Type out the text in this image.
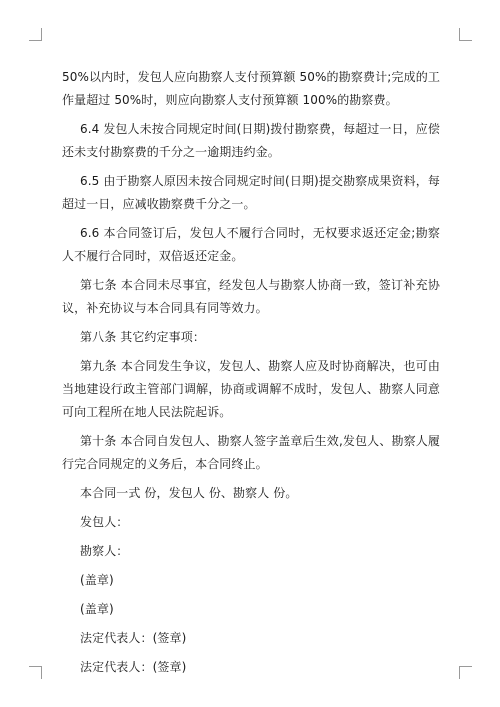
50%以内时，发包人应向勘察人支付预算额 50%的勘察费计;完成的工作量超过 50%时，则应向勘察人支付预算额 100%的勘察费。

6.4 发包人未按合同规定时间(日期)拨付勘察费，每超过一日，应偿还未支付勘察费的千分之一逾期违约金。

6.5 由于勘察人原因未按合同规定时间(日期)提交勘察成果资料，每超过一日，应减收勘察费千分之一。

6.6 本合同签订后，发包人不履行合同时，无权要求返还定金;勘察人不履行合同时，双倍返还定金。

第七条 本合同未尽事宜，经发包人与勘察人协商一致，签订补充协议，补充协议与本合同具有同等效力。

第八条 其它约定事项：

第九条 本合同发生争议，发包人、勘察人应及时协商解决，也可由当地建设行政主管部门调解，协商或调解不成时，发包人、勘察人同意可向工程所在地人民法院起诉。

第十条 本合同自发包人、勘察人签字盖章后生效,发包人、勘察人履行完合同规定的义务后，本合同终止。

本合同一式 份，发包人 份、勘察人 份。

发包人：

勘察人：

(盖章)

(盖章)

法定代表人：(签章)

法定代表人：(签章)
